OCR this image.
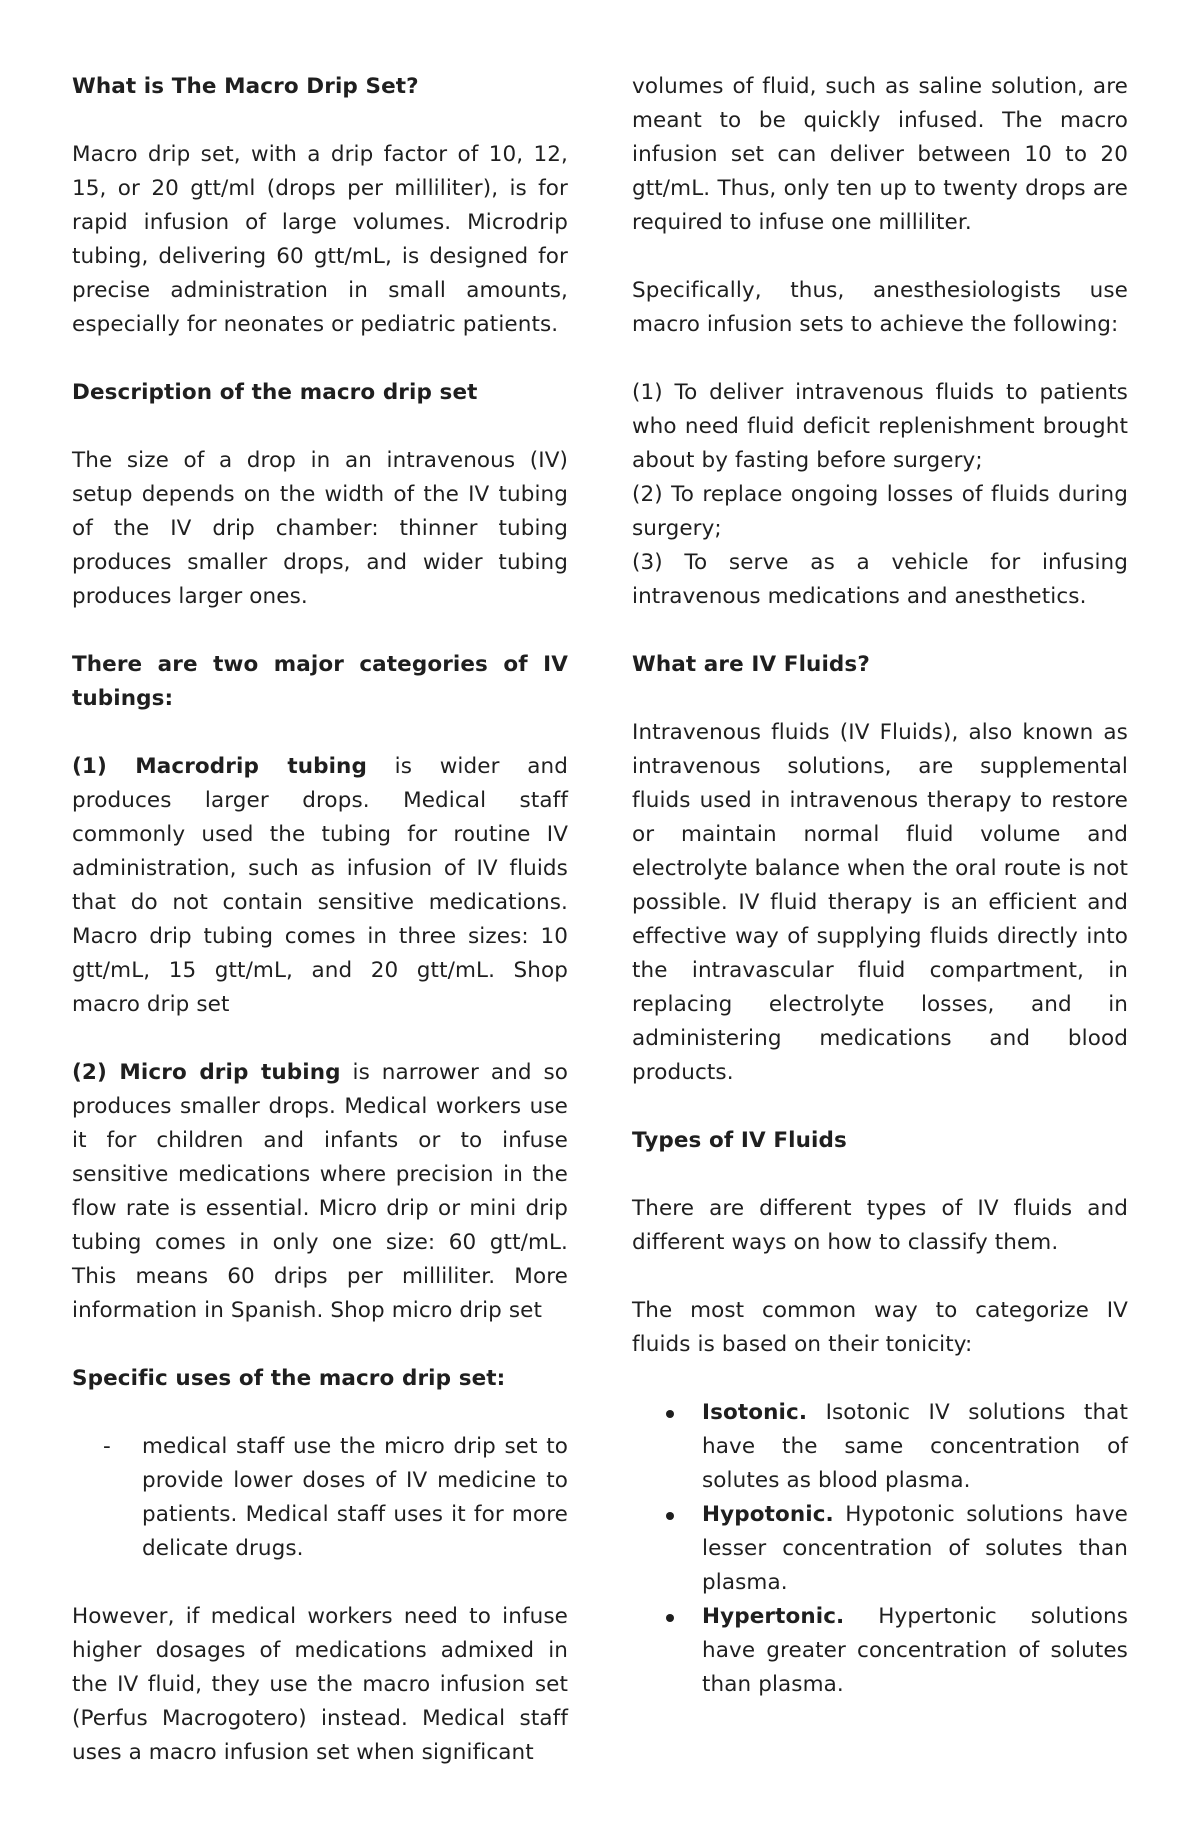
What is The Macro Drip Set?

Macro drip set, with a drip factor of 10, 12, 15, or 20 gtt/ml (drops per milliliter), is for rapid infusion of large volumes. Microdrip tubing, delivering 60 gtt/mL, is designed for precise administration in small amounts, especially for neonates or pediatric patients.

Description of the macro drip set

The size of a drop in an intravenous (IV) setup depends on the width of the IV tubing of the IV drip chamber: thinner tubing produces smaller drops, and wider tubing produces larger ones.

There are two major categories of IV tubings:

(1) Macrodrip tubing is wider and produces larger drops. Medical staff commonly used the tubing for routine IV administration, such as infusion of IV fluids that do not contain sensitive medications. Macro drip tubing comes in three sizes: 10 gtt/mL, 15 gtt/mL, and 20 gtt/mL. Shop macro drip set

(2) Micro drip tubing is narrower and so produces smaller drops. Medical workers use it for children and infants or to infuse sensitive medications where precision in the flow rate is essential. Micro drip or mini drip tubing comes in only one size: 60 gtt/mL. This means 60 drips per milliliter. More information in Spanish. Shop micro drip set

Specific uses of the macro drip set:

- medical staff use the micro drip set to provide lower doses of IV medicine to patients. Medical staff uses it for more delicate drugs.

However, if medical workers need to infuse higher dosages of medications admixed in the IV fluid, they use the macro infusion set (Perfus Macrogotero) instead. Medical staff uses a macro infusion set when significant

volumes of fluid, such as saline solution, are meant to be quickly infused. The macro infusion set can deliver between 10 to 20 gtt/mL. Thus, only ten up to twenty drops are required to infuse one milliliter.

Specifically, thus, anesthesiologists use macro infusion sets to achieve the following:

(1) To deliver intravenous fluids to patients who need fluid deficit replenishment brought about by fasting before surgery;

(2) To replace ongoing losses of fluids during surgery;

(3) To serve as a vehicle for infusing intravenous medications and anesthetics.

What are IV Fluids?

Intravenous fluids (IV Fluids), also known as intravenous solutions, are supplemental fluids used in intravenous therapy to restore or maintain normal fluid volume and electrolyte balance when the oral route is not possible. IV fluid therapy is an efficient and effective way of supplying fluids directly into the intravascular fluid compartment, in replacing electrolyte losses, and in administering medications and blood products.

Types of IV Fluids

There are different types of IV fluids and different ways on how to classify them.

The most common way to categorize IV fluids is based on their tonicity:

Isotonic. Isotonic IV solutions that have the same concentration of solutes as blood plasma.
Hypotonic. Hypotonic solutions have lesser concentration of solutes than plasma.
Hypertonic. Hypertonic solutions have greater concentration of solutes than plasma.
